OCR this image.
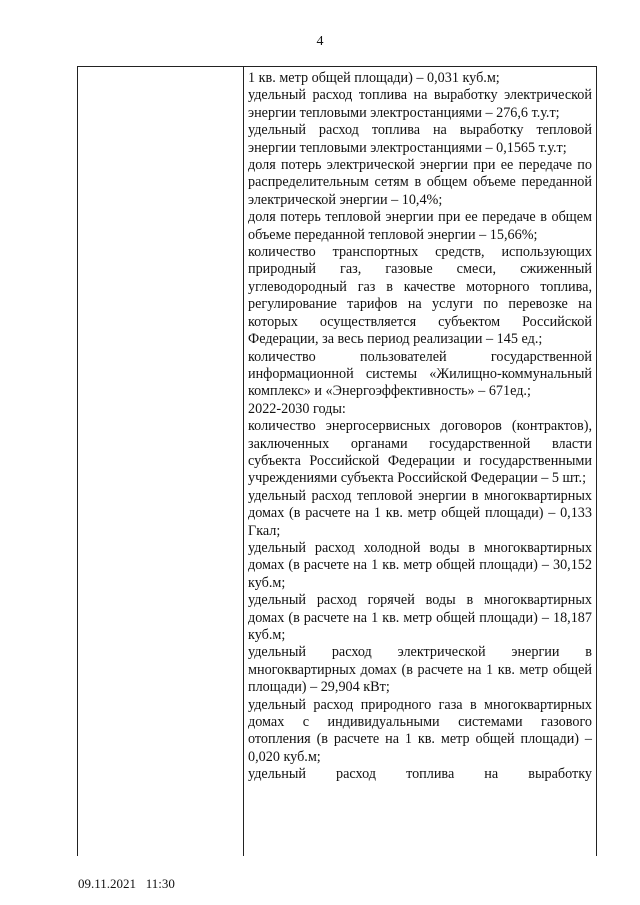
4

1 кв. метр общей площади) – 0,031 куб.м;

удельный расход топлива на выработку электрической энергии тепловыми электростанциями – 276,6 т.у.т;

удельный расход топлива на выработку тепловой энергии тепловыми электростанциями – 0,1565 т.у.т;

доля потерь электрической энергии при ее передаче по распределительным сетям в общем объеме переданной электрической энергии – 10,4%;

доля потерь тепловой энергии при ее передаче в общем объеме переданной тепловой энергии – 15,66%;

количество транспортных средств, использующих природный газ, газовые смеси, сжиженный углеводородный газ в качестве моторного топлива, регулирование тарифов на услуги по перевозке на которых осуществляется субъектом Российской Федерации, за весь период реализации – 145 ед.;

количество пользователей государственной информационной системы «Жилищно-коммунальный комплекс» и «Энергоэффективность» – 671ед.;

2022-2030 годы:

количество энергосервисных договоров (контрактов), заключенных органами государственной власти субъекта Российской Федерации и государственными учреждениями субъекта Российской Федерации – 5 шт.;

удельный расход тепловой энергии в многоквартирных домах (в расчете на 1 кв. метр общей площади) – 0,133 Гкал;

удельный расход холодной воды в многоквартирных домах (в расчете на 1 кв. метр общей площади) – 30,152 куб.м;

удельный расход горячей воды в многоквартирных домах (в расчете на 1 кв. метр общей площади) – 18,187 куб.м;

удельный расход электрической энергии в многоквартирных домах (в расчете на 1 кв. метр общей площади) – 29,904 кВт;

удельный расход природного газа в многоквартирных домах с индивидуальными системами газового отопления (в расчете на 1 кв. метр общей площади) – 0,020 куб.м;

удельный расход топлива на выработку

09.11.2021   11:30
